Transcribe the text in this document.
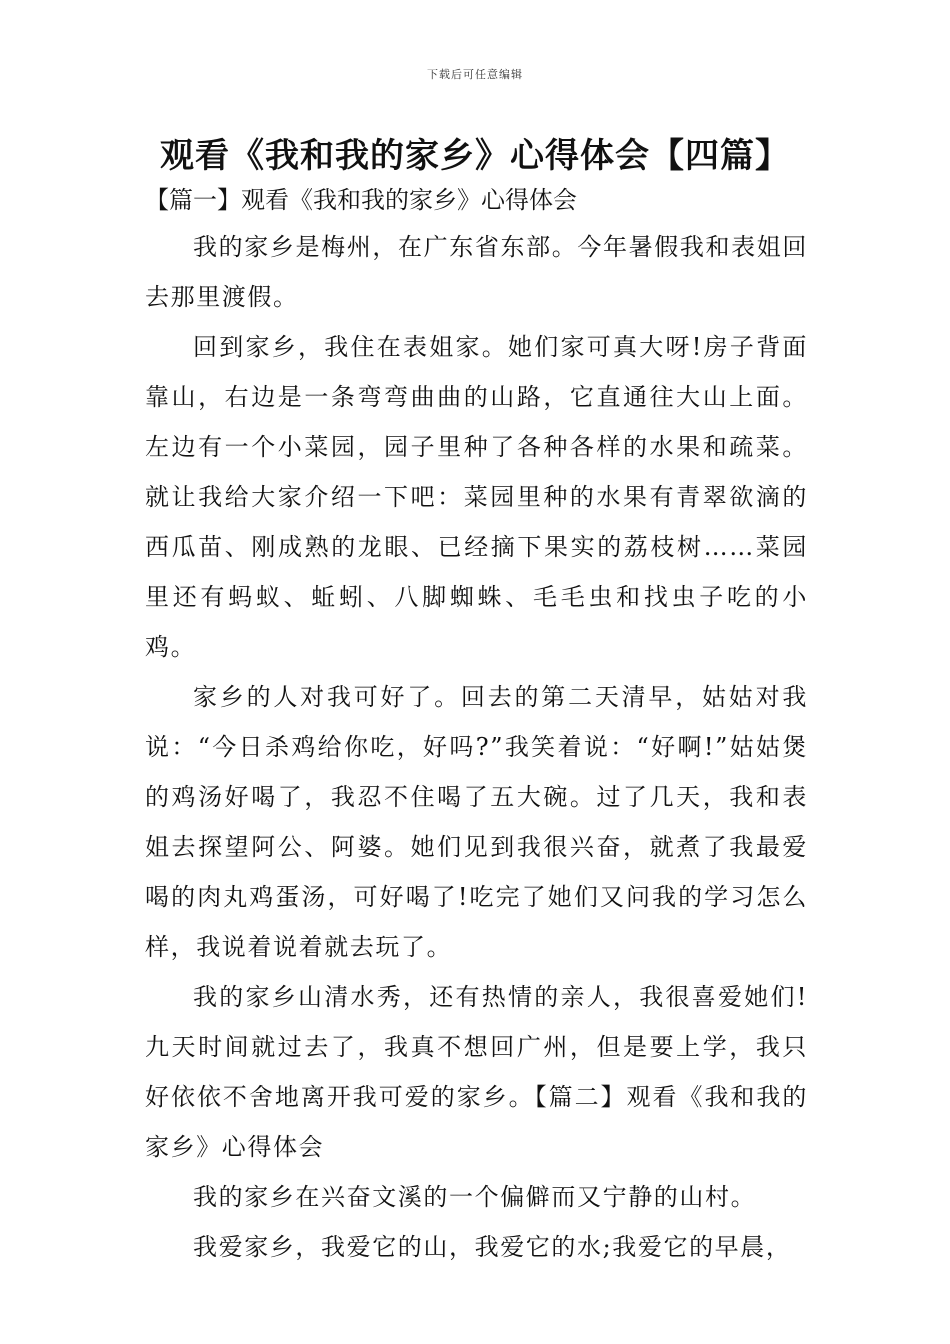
下载后可任意编辑
观看《我和我的家乡》心得体会【四篇】
【篇一】观看《我和我的家乡》心得体会

我的家乡是梅州，在广东省东部。今年暑假我和表姐回去那里渡假。

回到家乡，我住在表姐家。她们家可真大呀!房子背面靠山，右边是一条弯弯曲曲的山路，它直通往大山上面。左边有一个小菜园，园子里种了各种各样的水果和疏菜。就让我给大家介绍一下吧：菜园里种的水果有青翠欲滴的西瓜苗、刚成熟的龙眼、已经摘下果实的荔枝树……菜园里还有蚂蚁、蚯蚓、八脚蜘蛛、毛毛虫和找虫子吃的小鸡。

家乡的人对我可好了。回去的第二天清早，姑姑对我说：“今日杀鸡给你吃，好吗?”我笑着说：“好啊!”姑姑煲的鸡汤好喝了，我忍不住喝了五大碗。过了几天，我和表姐去探望阿公、阿婆。她们见到我很兴奋，就煮了我最爱喝的肉丸鸡蛋汤，可好喝了!吃完了她们又问我的学习怎么样，我说着说着就去玩了。

我的家乡山清水秀，还有热情的亲人，我很喜爱她们!九天时间就过去了，我真不想回广州，但是要上学，我只好依依不舍地离开我可爱的家乡。【篇二】观看《我和我的家乡》心得体会

我的家乡在兴奋文溪的一个偏僻而又宁静的山村。

我爱家乡，我爱它的山，我爱它的水;我爱它的早晨，
